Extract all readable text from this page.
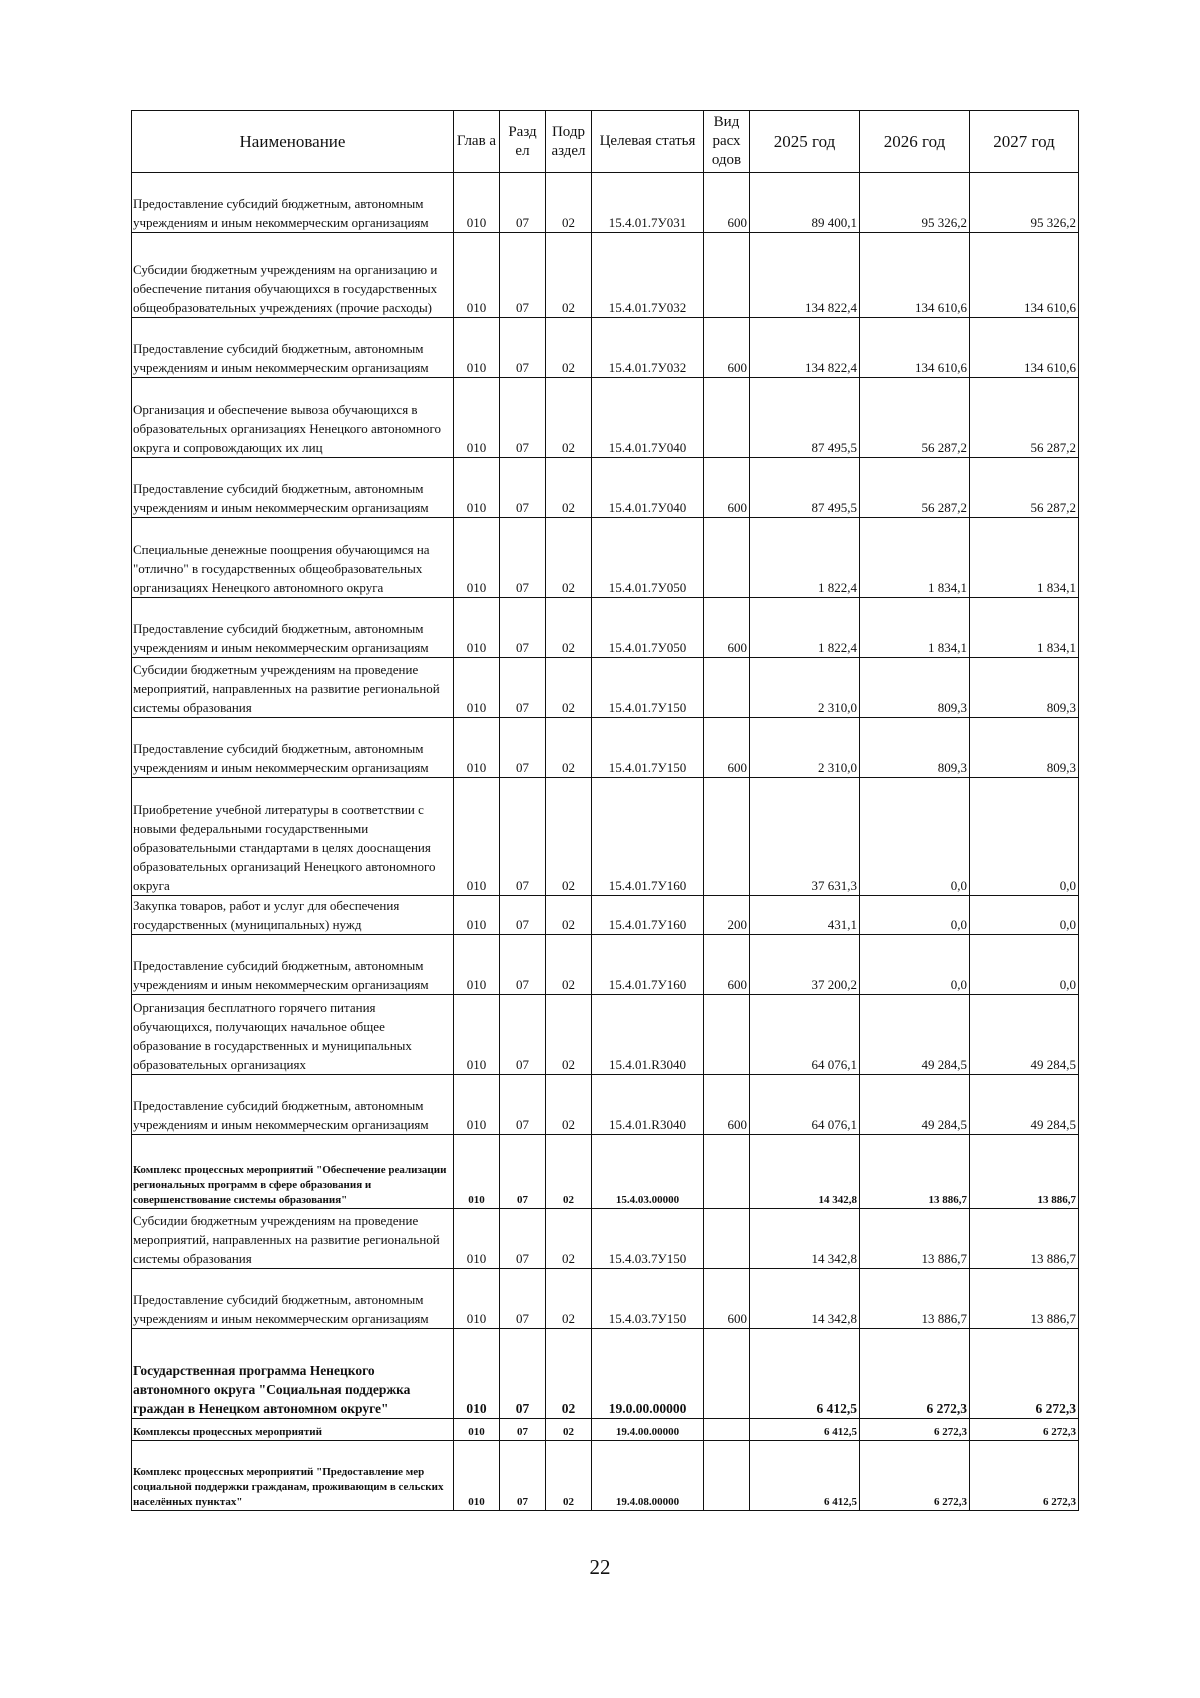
Наименование	Глав а	Разд ел	Подр аздел	Целевая статья	Вид расх одов	2025 год	2026 год	2027 год
Предоставление субсидий бюджетным, автономным учреждениям и иным некоммерческим организациям	010	07	02	15.4.01.7У031	600	89 400,1	95 326,2	95 326,2
Субсидии бюджетным учреждениям на организацию и обеспечение питания обучающихся в государственных общеобразовательных учреждениях (прочие расходы)	010	07	02	15.4.01.7У032		134 822,4	134 610,6	134 610,6
Предоставление субсидий бюджетным, автономным учреждениям и иным некоммерческим организациям	010	07	02	15.4.01.7У032	600	134 822,4	134 610,6	134 610,6
Организация и обеспечение вывоза обучающихся в образовательных организациях Ненецкого автономного округа и сопровождающих их лиц	010	07	02	15.4.01.7У040		87 495,5	56 287,2	56 287,2
Предоставление субсидий бюджетным, автономным учреждениям и иным некоммерческим организациям	010	07	02	15.4.01.7У040	600	87 495,5	56 287,2	56 287,2
Специальные денежные поощрения обучающимся на "отлично" в государственных общеобразовательных организациях Ненецкого автономного округа	010	07	02	15.4.01.7У050		1 822,4	1 834,1	1 834,1
Предоставление субсидий бюджетным, автономным учреждениям и иным некоммерческим организациям	010	07	02	15.4.01.7У050	600	1 822,4	1 834,1	1 834,1
Субсидии бюджетным учреждениям на проведение мероприятий, направленных на развитие региональной системы образования	010	07	02	15.4.01.7У150		2 310,0	809,3	809,3
Предоставление субсидий бюджетным, автономным учреждениям и иным некоммерческим организациям	010	07	02	15.4.01.7У150	600	2 310,0	809,3	809,3
Приобретение учебной литературы в соответствии с новыми федеральными государственными образовательными стандартами в целях дооснащения образовательных организаций Ненецкого автономного округа	010	07	02	15.4.01.7У160		37 631,3	0,0	0,0
Закупка товаров, работ и услуг для обеспечения государственных (муниципальных) нужд	010	07	02	15.4.01.7У160	200	431,1	0,0	0,0
Предоставление субсидий бюджетным, автономным учреждениям и иным некоммерческим организациям	010	07	02	15.4.01.7У160	600	37 200,2	0,0	0,0
Организация бесплатного горячего питания обучающихся, получающих начальное общее образование в государственных и муниципальных образовательных организациях	010	07	02	15.4.01.R3040		64 076,1	49 284,5	49 284,5
Предоставление субсидий бюджетным, автономным учреждениям и иным некоммерческим организациям	010	07	02	15.4.01.R3040	600	64 076,1	49 284,5	49 284,5
Комплекс процессных мероприятий "Обеспечение реализации региональных программ в сфере образования и совершенствование системы образования"	010	07	02	15.4.03.00000		14 342,8	13 886,7	13 886,7
Субсидии бюджетным учреждениям на проведение мероприятий, направленных на развитие региональной системы образования	010	07	02	15.4.03.7У150		14 342,8	13 886,7	13 886,7
Предоставление субсидий бюджетным, автономным учреждениям и иным некоммерческим организациям	010	07	02	15.4.03.7У150	600	14 342,8	13 886,7	13 886,7
Государственная программа Ненецкого автономного округа "Социальная поддержка граждан в Ненецком автономном округе"	010	07	02	19.0.00.00000		6 412,5	6 272,3	6 272,3
Комплексы процессных мероприятий	010	07	02	19.4.00.00000		6 412,5	6 272,3	6 272,3
Комплекс процессных мероприятий "Предоставление мер социальной поддержки гражданам, проживающим в сельских населённых пунктах"	010	07	02	19.4.08.00000		6 412,5	6 272,3	6 272,3
22
